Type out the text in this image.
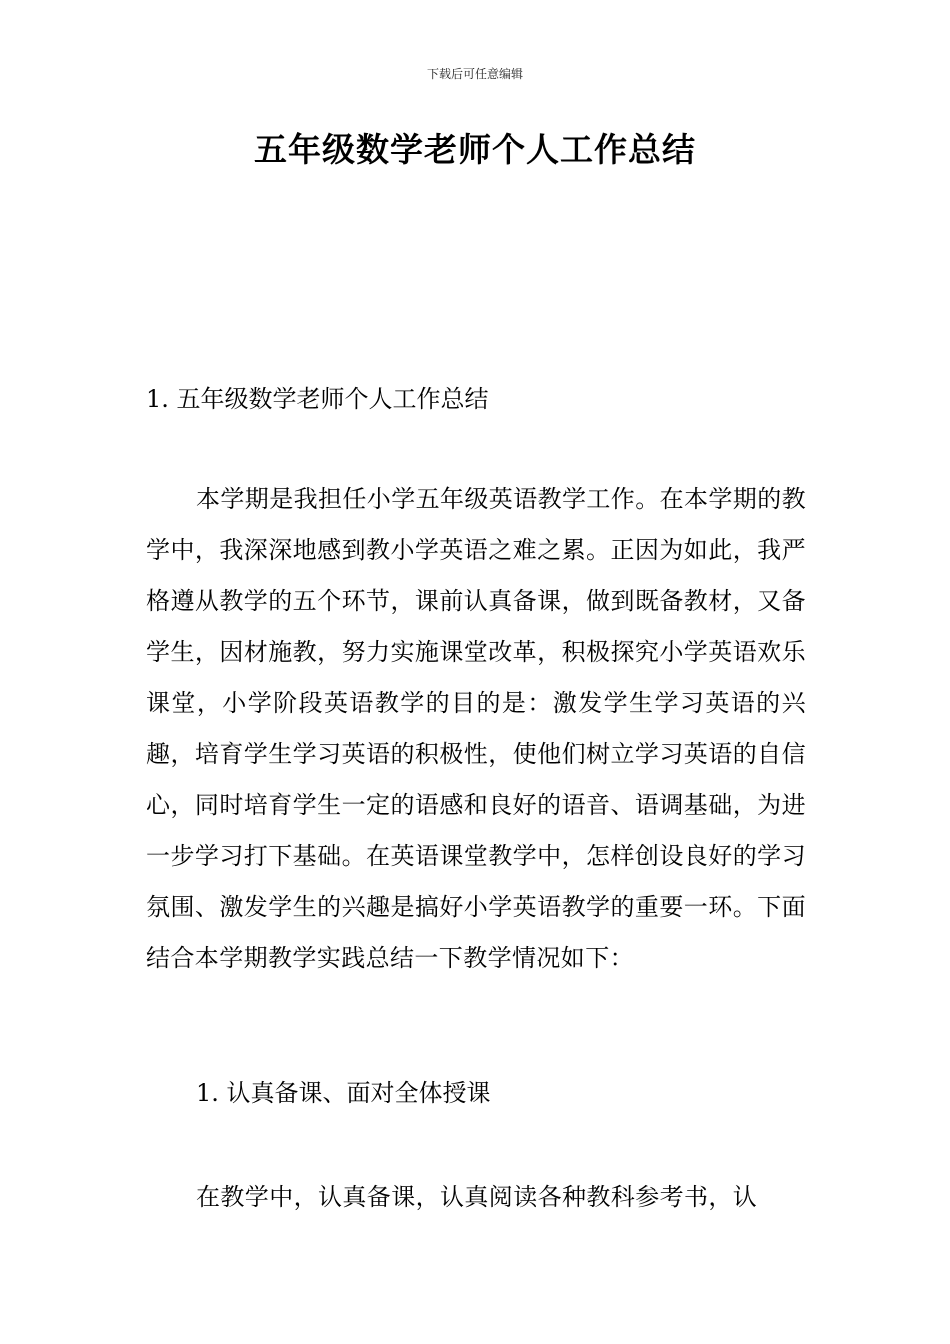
下载后可任意编辑
五年级数学老师个人工作总结
1. 五年级数学老师个人工作总结
本学期是我担任小学五年级英语教学工作。在本学期的教学中，我深深地感到教小学英语之难之累。正因为如此，我严格遵从教学的五个环节，课前认真备课，做到既备教材，又备学生，因材施教，努力实施课堂改革，积极探究小学英语欢乐课堂，小学阶段英语教学的目的是：激发学生学习英语的兴趣，培育学生学习英语的积极性，使他们树立学习英语的自信心，同时培育学生一定的语感和良好的语音、语调基础，为进一步学习打下基础。在英语课堂教学中，怎样创设良好的学习氛围、激发学生的兴趣是搞好小学英语教学的重要一环。下面结合本学期教学实践总结一下教学情况如下：
1. 认真备课、面对全体授课
在教学中，认真备课，认真阅读各种教科参考书，认
